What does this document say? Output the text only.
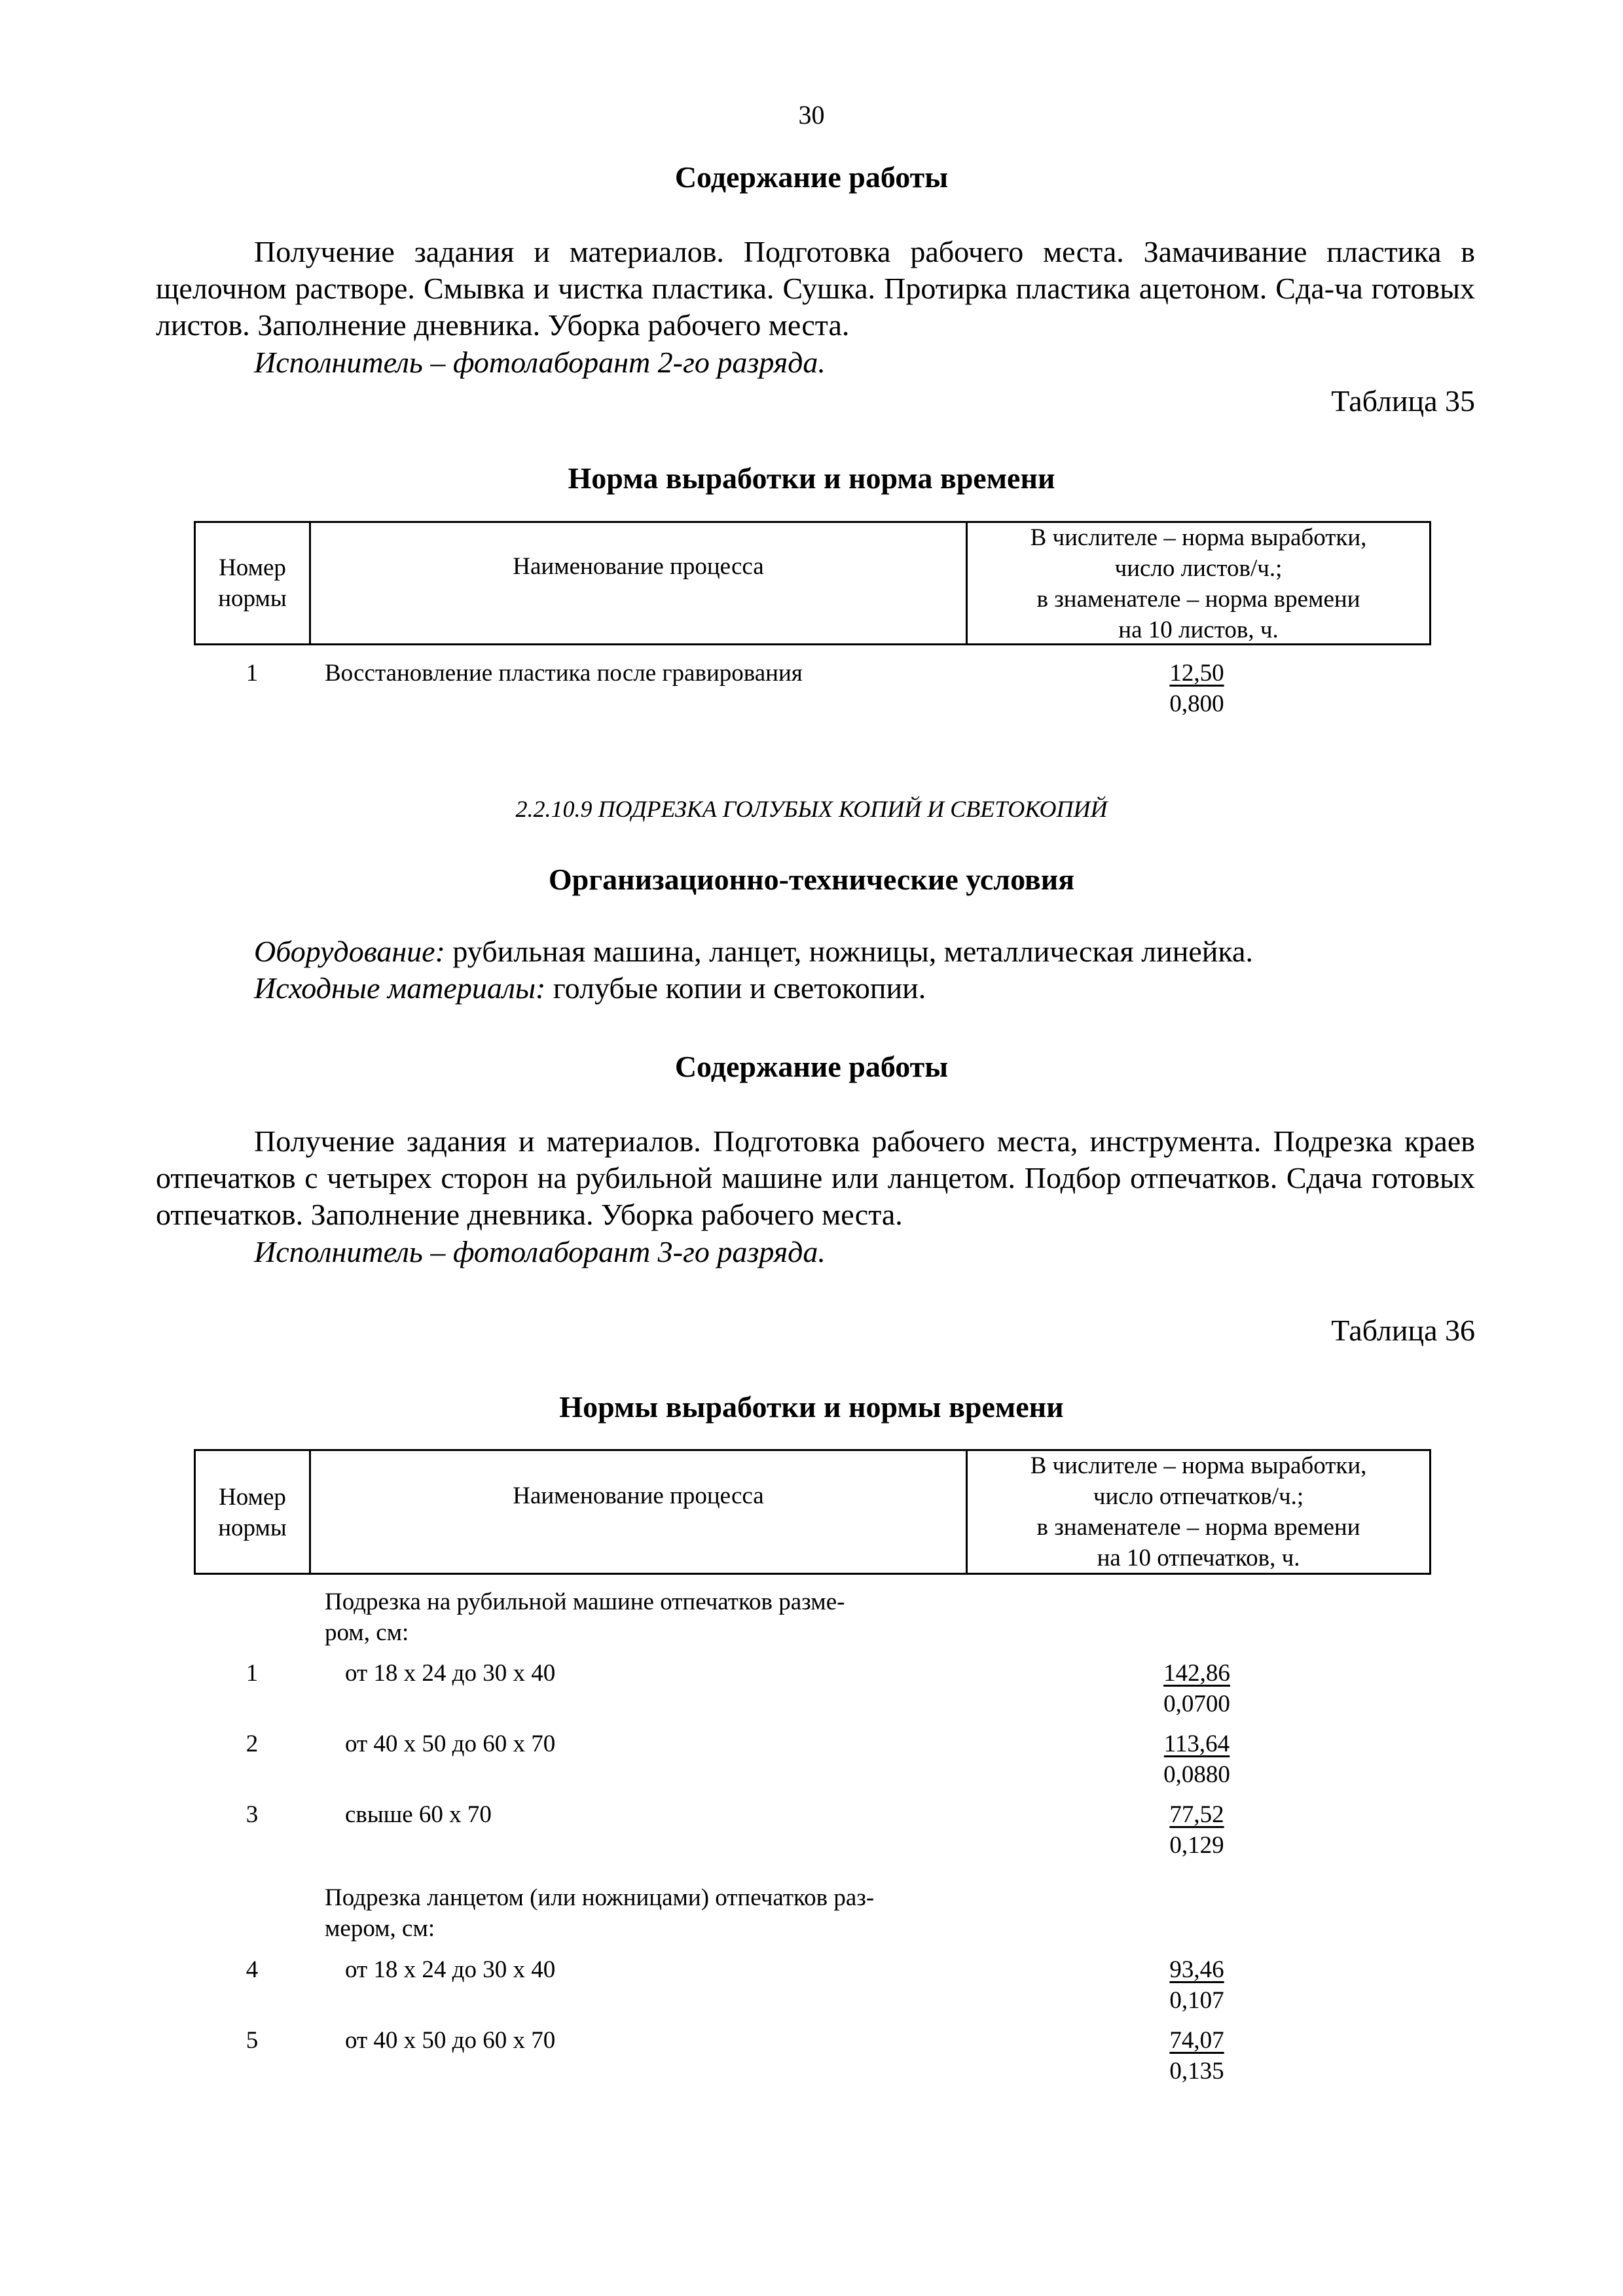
30
Содержание работы
Получение задания и материалов. Подготовка рабочего места. Замачивание пластика в щелочном растворе. Смывка и чистка пластика. Сушка. Протирка пластика ацетоном. Сда-ча готовых листов. Заполнение дневника. Уборка рабочего места.
Исполнитель – фотолаборант 2-го разряда.
Таблица 35
Норма выработки и норма времени
Номер
нормы
Наименование процесса
В числителе – норма выработки,
число листов/ч.;
в знаменателе – норма времени
на 10 листов, ч.
1	Восстановление пластика после гравирования	12,50
0,800
2.2.10.9 ПОДРЕЗКА ГОЛУБЫХ КОПИЙ И СВЕТОКОПИЙ
Организационно-технические условия
Оборудование: рубильная машина, ланцет, ножницы, металлическая линейка.
Исходные материалы: голубые копии и светокопии.
Содержание работы
Получение задания и материалов. Подготовка рабочего места, инструмента. Подрезка краев отпечатков с четырех сторон на рубильной машине или ланцетом. Подбор отпечатков. Сдача готовых отпечатков. Заполнение дневника. Уборка рабочего места.
Исполнитель – фотолаборант 3-го разряда.
Таблица 36
Нормы выработки и нормы времени
Номер
нормы
Наименование процесса
В числителе – норма выработки,
число отпечатков/ч.;
в знаменателе – норма времени
на 10 отпечатков, ч.
Подрезка на рубильной машине отпечатков разме-
ром, см:
1	от 18 х 24 до 30 х 40	142,86
0,0700
2	от 40 х 50 до 60 х 70	113,64
0,0880
3	свыше 60 х 70	77,52
0,129
Подрезка ланцетом (или ножницами) отпечатков раз-
мером, см:
4	от 18 х 24 до 30 х 40	93,46
0,107
5	от 40 х 50 до 60 х 70	74,07
0,135
